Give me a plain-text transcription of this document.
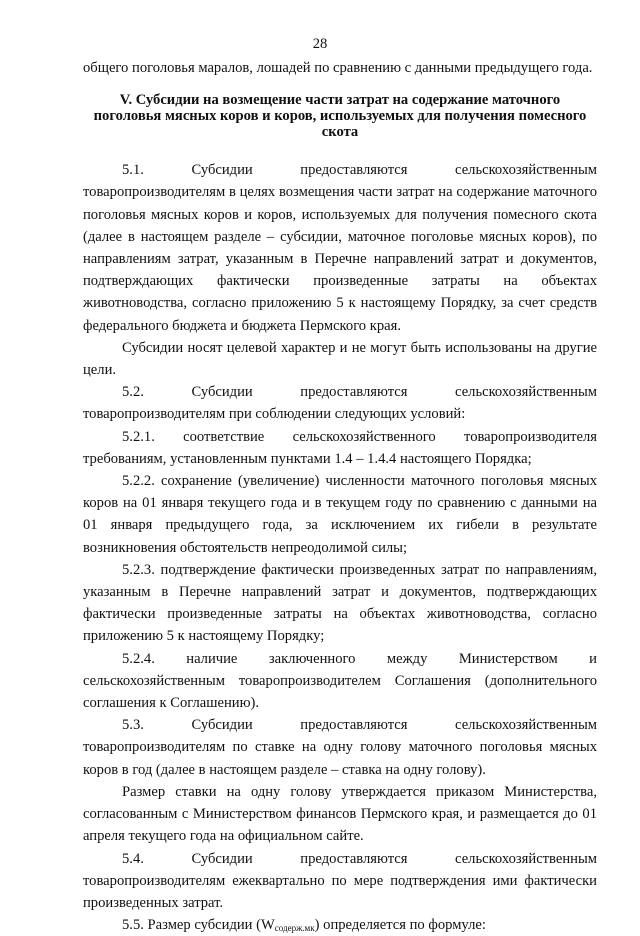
28

общего поголовья маралов, лошадей по сравнению с данными предыдущего года.

V. Субсидии на возмещение части затрат на содержание маточного поголовья мясных коров и коров, используемых для получения помесного скота

5.1. Субсидии предоставляются сельскохозяйственным товаропроизводителям в целях возмещения части затрат на содержание маточного поголовья мясных коров и коров, используемых для получения помесного скота (далее в настоящем разделе – субсидии, маточное поголовье мясных коров), по направлениям затрат, указанным в Перечне направлений затрат и документов, подтверждающих фактически произведенные затраты на объектах животноводства, согласно приложению 5 к настоящему Порядку, за счет средств федерального бюджета и бюджета Пермского края.

Субсидии носят целевой характер и не могут быть использованы на другие цели.

5.2. Субсидии предоставляются сельскохозяйственным товаропроизводителям при соблюдении следующих условий:

5.2.1. соответствие сельскохозяйственного товаропроизводителя требованиям, установленным пунктами 1.4 – 1.4.4 настоящего Порядка;

5.2.2. сохранение (увеличение) численности маточного поголовья мясных коров на 01 января текущего года и в текущем году по сравнению с данными на 01 января предыдущего года, за исключением их гибели в результате возникновения обстоятельств непреодолимой силы;

5.2.3. подтверждение фактически произведенных затрат по направлениям, указанным в Перечне направлений затрат и документов, подтверждающих фактически произведенные затраты на объектах животноводства, согласно приложению 5 к настоящему Порядку;

5.2.4. наличие заключенного между Министерством и сельскохозяйственным товаропроизводителем Соглашения (дополнительного соглашения к Соглашению).

5.3. Субсидии предоставляются сельскохозяйственным товаропроизводителям по ставке на одну голову маточного поголовья мясных коров в год (далее в настоящем разделе – ставка на одну голову).

Размер ставки на одну голову утверждается приказом Министерства, согласованным с Министерством финансов Пермского края, и размещается до 01 апреля текущего года на официальном сайте.

5.4. Субсидии предоставляются сельскохозяйственным товаропроизводителям ежеквартально по мере подтверждения ими фактически произведенных затрат.

5.5. Размер субсидии $(W_{содерж.мк})$ определяется по формуле:
